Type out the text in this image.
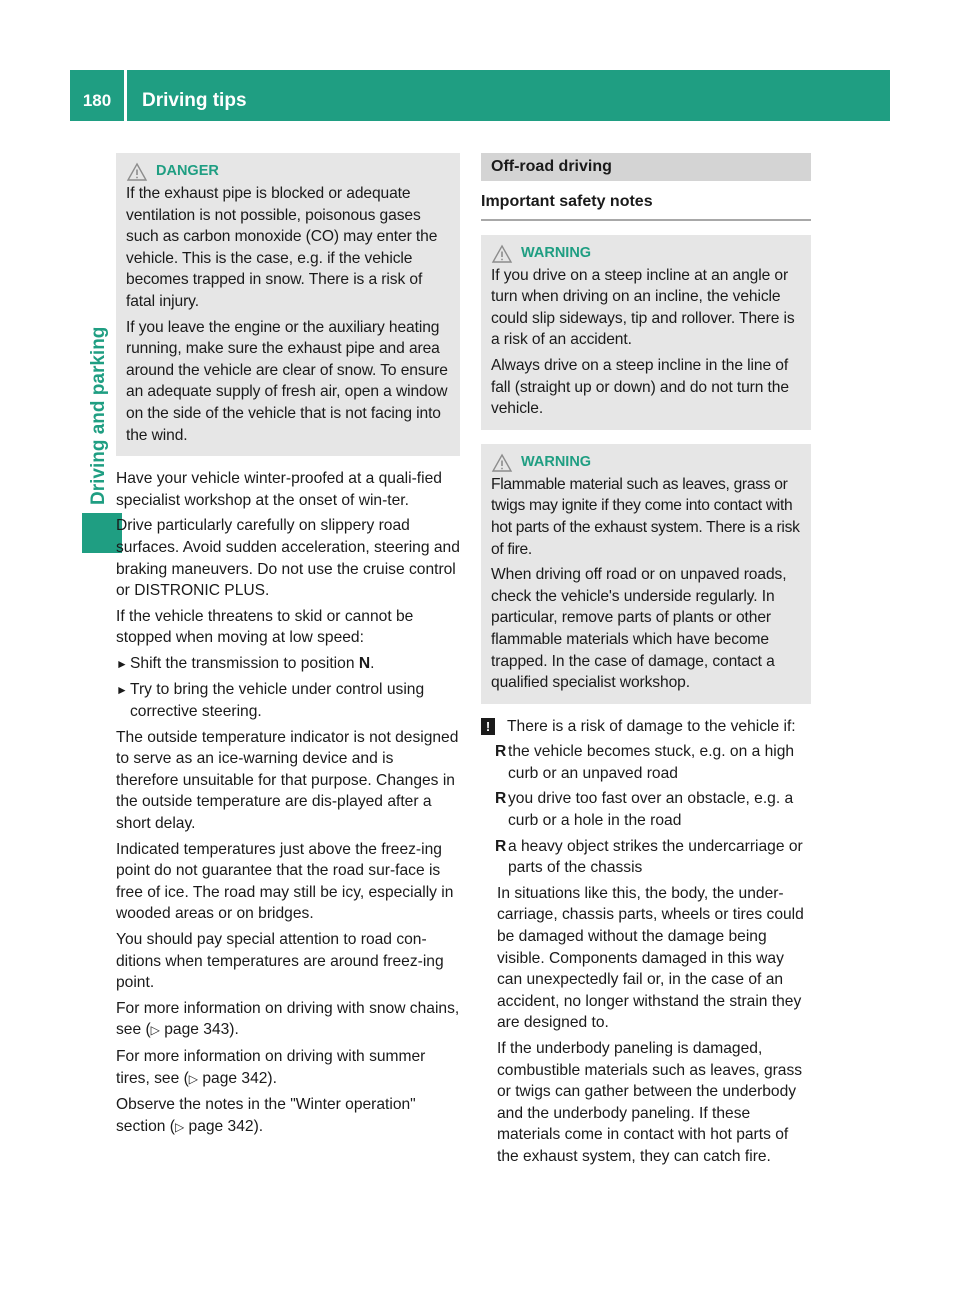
180	Driving tips
Driving and parking
DANGER

If the exhaust pipe is blocked or adequate ventilation is not possible, poisonous gases such as carbon monoxide (CO) may enter the vehicle. This is the case, e.g. if the vehicle becomes trapped in snow. There is a risk of fatal injury.

If you leave the engine or the auxiliary heating running, make sure the exhaust pipe and area around the vehicle are clear of snow. To ensure an adequate supply of fresh air, open a window on the side of the vehicle that is not facing into the wind.

Have your vehicle winter-proofed at a quali-fied specialist workshop at the onset of win-ter.

Drive particularly carefully on slippery road surfaces. Avoid sudden acceleration, steering and braking maneuvers. Do not use the cruise control or DISTRONIC PLUS.

If the vehicle threatens to skid or cannot be stopped when moving at low speed:

► Shift the transmission to position N.
► Try to bring the vehicle under control using corrective steering.

The outside temperature indicator is not designed to serve as an ice-warning device and is therefore unsuitable for that purpose. Changes in the outside temperature are dis-played after a short delay.

Indicated temperatures just above the freez-ing point do not guarantee that the road sur-face is free of ice. The road may still be icy, especially in wooded areas or on bridges.

You should pay special attention to road con-ditions when temperatures are around freez-ing point.

For more information on driving with snow chains, see (▷ page 343).

For more information on driving with summer tires, see (▷ page 342).

Observe the notes in the "Winter operation" section (▷ page 342).

Off-road driving
Important safety notes
WARNING

If you drive on a steep incline at an angle or turn when driving on an incline, the vehicle could slip sideways, tip and rollover. There is a risk of an accident.

Always drive on a steep incline in the line of fall (straight up or down) and do not turn the vehicle.

WARNING

Flammable material such as leaves, grass or twigs may ignite if they come into contact with hot parts of the exhaust system. There is a risk of fire.

When driving off road or on unpaved roads, check the vehicle's underside regularly. In particular, remove parts of plants or other flammable materials which have become trapped. In the case of damage, contact a qualified specialist workshop.

!	There is a risk of damage to the vehicle if:
R the vehicle becomes stuck, e.g. on a high curb or an unpaved road
R you drive too fast over an obstacle, e.g. a curb or a hole in the road
R a heavy object strikes the undercarriage or parts of the chassis

In situations like this, the body, the under-carriage, chassis parts, wheels or tires could be damaged without the damage being visible. Components damaged in this way can unexpectedly fail or, in the case of an accident, no longer withstand the strain they are designed to.

If the underbody paneling is damaged, combustible materials such as leaves, grass or twigs can gather between the underbody and the underbody paneling. If these materials come in contact with hot parts of the exhaust system, they can catch fire.
